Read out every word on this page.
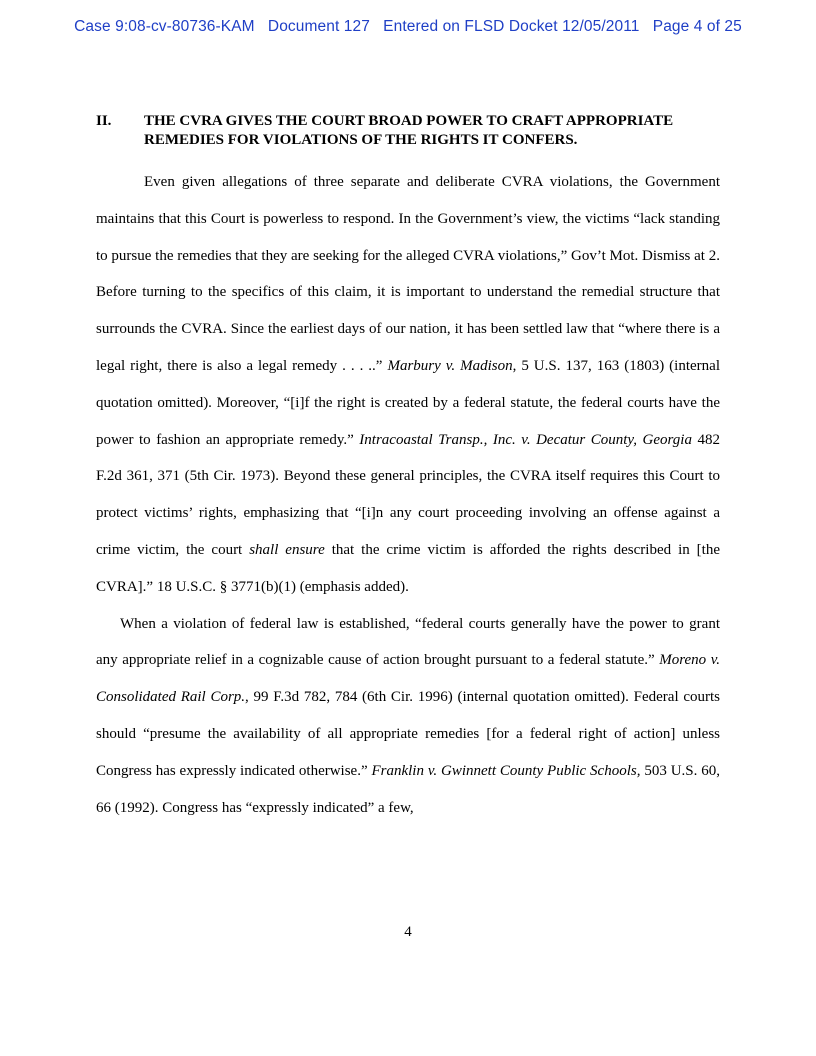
Case 9:08-cv-80736-KAM Document 127 Entered on FLSD Docket 12/05/2011 Page 4 of 25
II.	THE CVRA GIVES THE COURT BROAD POWER TO CRAFT APPROPRIATE REMEDIES FOR VIOLATIONS OF THE RIGHTS IT CONFERS.

Even given allegations of three separate and deliberate CVRA violations, the Government maintains that this Court is powerless to respond. In the Government’s view, the victims “lack standing to pursue the remedies that they are seeking for the alleged CVRA violations,” Gov’t Mot. Dismiss at 2. Before turning to the specifics of this claim, it is important to understand the remedial structure that surrounds the CVRA. Since the earliest days of our nation, it has been settled law that “where there is a legal right, there is also a legal remedy . . . ..” Marbury v. Madison, 5 U.S. 137, 163 (1803) (internal quotation omitted). Moreover, “[i]f the right is created by a federal statute, the federal courts have the power to fashion an appropriate remedy.” Intracoastal Transp., Inc. v. Decatur County, Georgia 482 F.2d 361, 371 (5th Cir. 1973). Beyond these general principles, the CVRA itself requires this Court to protect victims’ rights, emphasizing that “[i]n any court proceeding involving an offense against a crime victim, the court shall ensure that the crime victim is afforded the rights described in [the CVRA].” 18 U.S.C. § 3771(b)(1) (emphasis added).

When a violation of federal law is established, “federal courts generally have the power to grant any appropriate relief in a cognizable cause of action brought pursuant to a federal statute.” Moreno v. Consolidated Rail Corp., 99 F.3d 782, 784 (6th Cir. 1996) (internal quotation omitted). Federal courts should “presume the availability of all appropriate remedies [for a federal right of action] unless Congress has expressly indicated otherwise.” Franklin v. Gwinnett County Public Schools, 503 U.S. 60, 66 (1992). Congress has “expressly indicated” a few,

4
